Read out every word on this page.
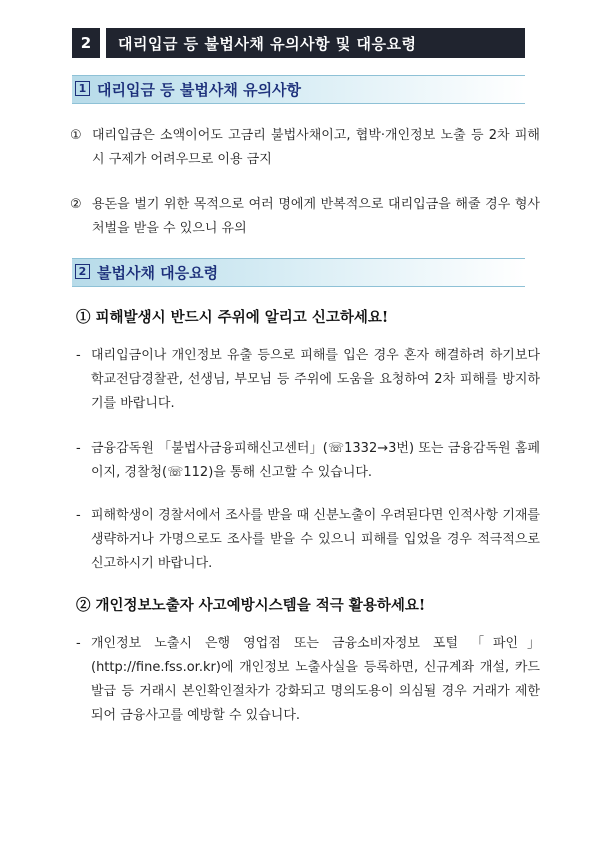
2	대리입금 등 불법사채 유의사항 및 대응요령
1 대리입금 등 불법사채 유의사항
① 대리입금은 소액이어도 고금리 불법사채이고, 협박·개인정보 노출 등 2차 피해시 구제가 어려우므로 이용 금지
② 용돈을 벌기 위한 목적으로 여러 명에게 반복적으로 대리입금을 해줄 경우 형사처벌을 받을 수 있으니 유의
2 불법사채 대응요령
① 피해발생시 반드시 주위에 알리고 신고하세요!
- 대리입금이나 개인정보 유출 등으로 피해를 입은 경우 혼자 해결하려 하기보다 학교전담경찰관, 선생님, 부모님 등 주위에 도움을 요청하여 2차 피해를 방지하기를 바랍니다.
- 금융감독원 「불법사금융피해신고센터」(☏1332→3번) 또는 금융감독원 홈페이지, 경찰청(☏112)을 통해 신고할 수 있습니다.
- 피해학생이 경찰서에서 조사를 받을 때 신분노출이 우려된다면 인적사항 기재를 생략하거나 가명으로도 조사를 받을 수 있으니 피해를 입었을 경우 적극적으로 신고하시기 바랍니다.
② 개인정보노출자 사고예방시스템을 적극 활용하세요!
- 개인정보 노출시 은행 영업점 또는 금융소비자정보 포털 「파인」(http://fine.fss.or.kr)에 개인정보 노출사실을 등록하면, 신규계좌 개설, 카드발급 등 거래시 본인확인절차가 강화되고 명의도용이 의심될 경우 거래가 제한되어 금융사고를 예방할 수 있습니다.
